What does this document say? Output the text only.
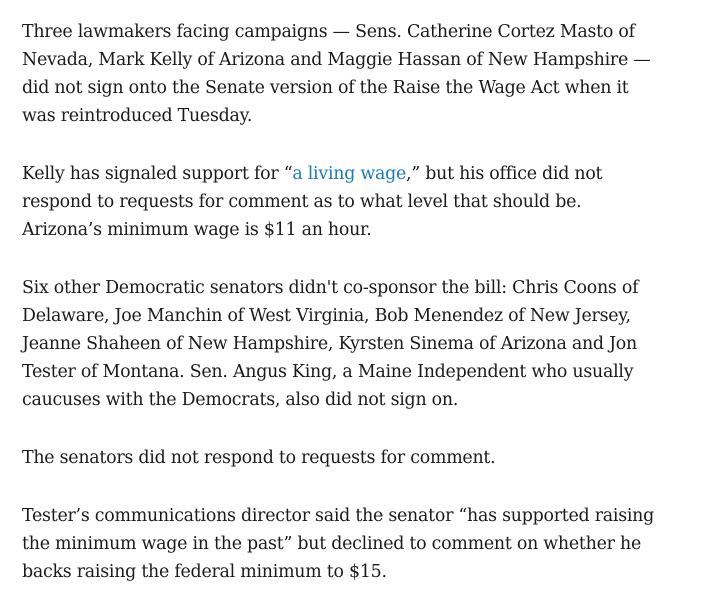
Three lawmakers facing campaigns — Sens. Catherine Cortez Masto of Nevada, Mark Kelly of Arizona and Maggie Hassan of New Hampshire — did not sign onto the Senate version of the Raise the Wage Act when it was reintroduced Tuesday.

Kelly has signaled support for “a living wage,” but his office did not respond to requests for comment as to what level that should be. Arizona’s minimum wage is $11 an hour.

Six other Democratic senators didn't co-sponsor the bill: Chris Coons of Delaware, Joe Manchin of West Virginia, Bob Menendez of New Jersey, Jeanne Shaheen of New Hampshire, Kyrsten Sinema of Arizona and Jon Tester of Montana. Sen. Angus King, a Maine Independent who usually caucuses with the Democrats, also did not sign on.

The senators did not respond to requests for comment.

Tester’s communications director said the senator “has supported raising the minimum wage in the past” but declined to comment on whether he backs raising the federal minimum to $15.
